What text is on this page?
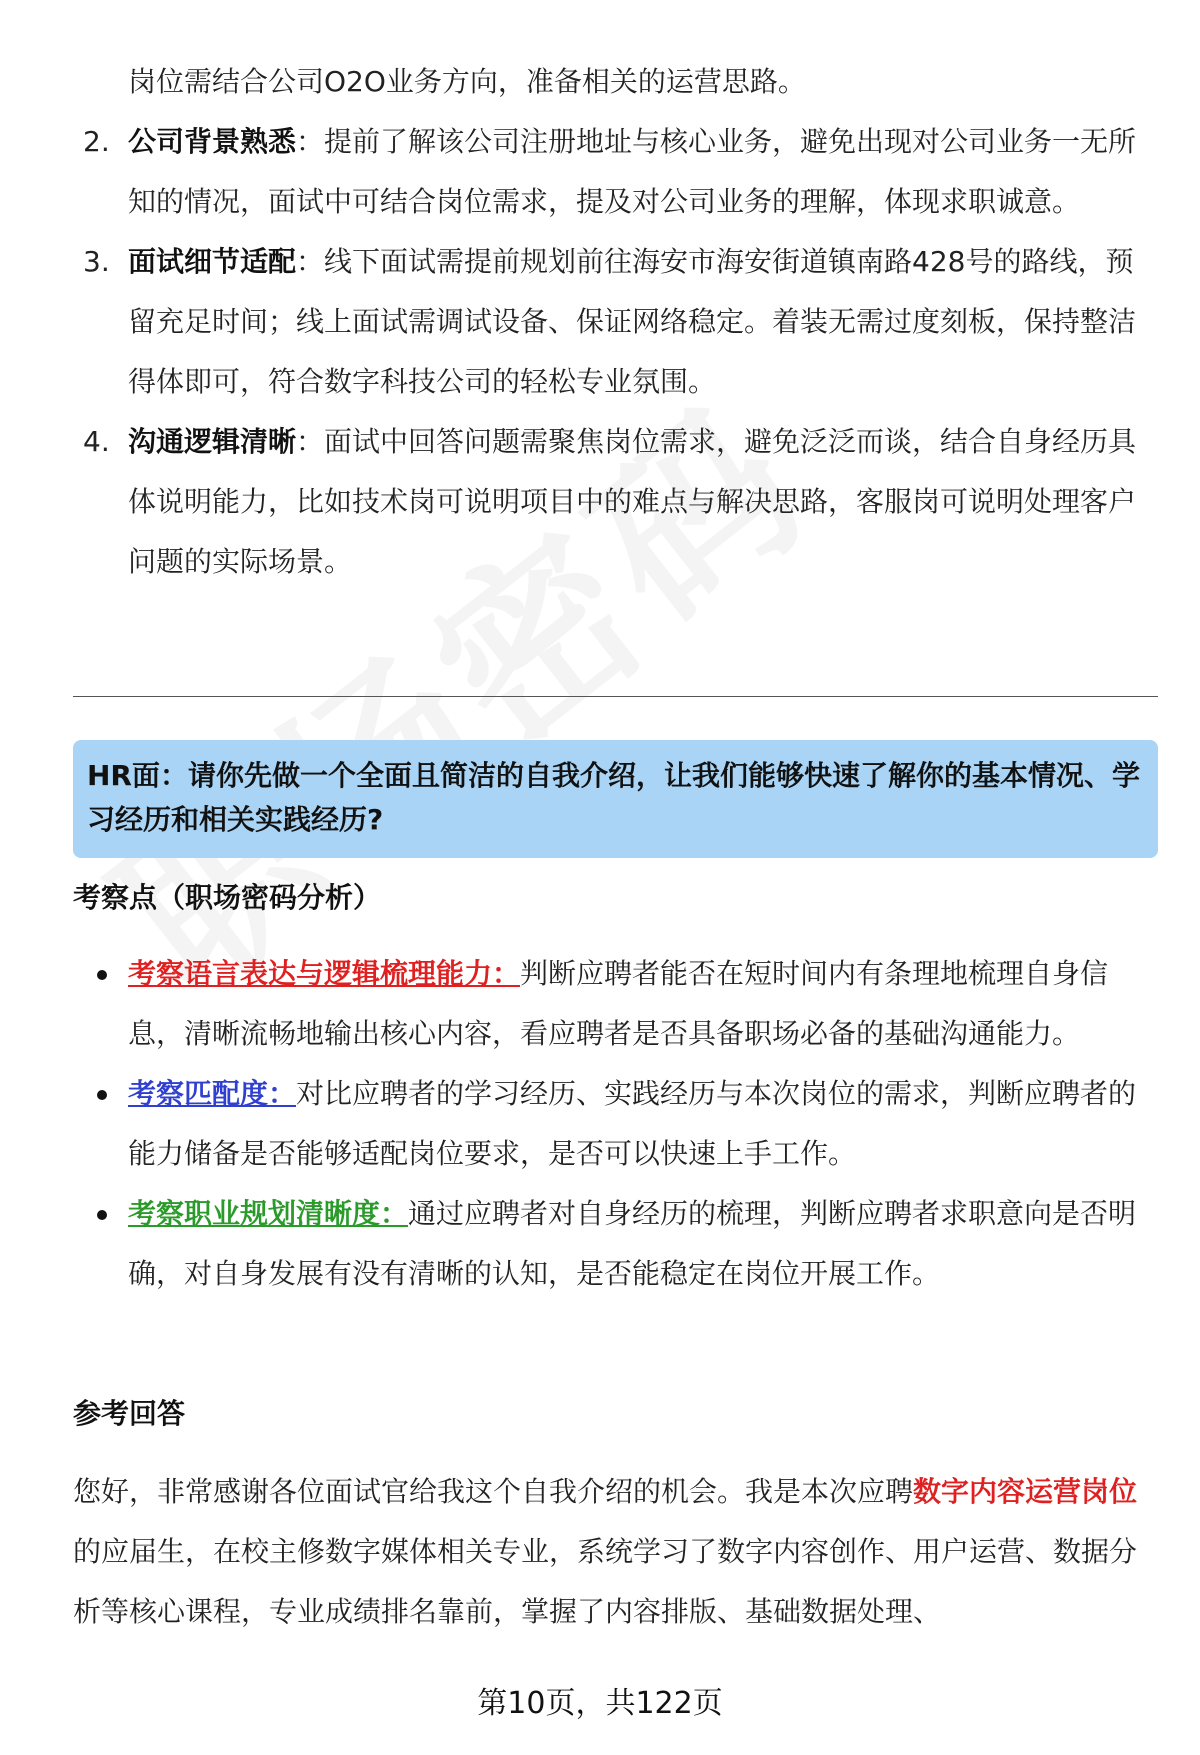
岗位需结合公司O2O业务方向，准备相关的运营思路。

2. 公司背景熟悉：提前了解该公司注册地址与核心业务，避免出现对公司业务一无所知的情况，面试中可结合岗位需求，提及对公司业务的理解，体现求职诚意。

3. 面试细节适配：线下面试需提前规划前往海安市海安街道镇南路428号的路线，预留充足时间；线上面试需调试设备、保证网络稳定。着装无需过度刻板，保持整洁得体即可，符合数字科技公司的轻松专业氛围。

4. 沟通逻辑清晰：面试中回答问题需聚焦岗位需求，避免泛泛而谈，结合自身经历具体说明能力，比如技术岗可说明项目中的难点与解决思路，客服岗可说明处理客户问题的实际场景。

HR面：请你先做一个全面且简洁的自我介绍，让我们能够快速了解你的基本情况、学习经历和相关实践经历?
考察点（职场密码分析）

考察语言表达与逻辑梳理能力：判断应聘者能否在短时间内有条理地梳理自身信息，清晰流畅地输出核心内容，看应聘者是否具备职场必备的基础沟通能力。

考察匹配度：对比应聘者的学习经历、实践经历与本次岗位的需求，判断应聘者的能力储备是否能够适配岗位要求，是否可以快速上手工作。

考察职业规划清晰度：通过应聘者对自身经历的梳理，判断应聘者求职意向是否明确，对自身发展有没有清晰的认知，是否能稳定在岗位开展工作。

参考回答

您好，非常感谢各位面试官给我这个自我介绍的机会。我是本次应聘数字内容运营岗位的应届生，在校主修数字媒体相关专业，系统学习了数字内容创作、用户运营、数据分析等核心课程，专业成绩排名靠前，掌握了内容排版、基础数据处理、

第10页，共122页
